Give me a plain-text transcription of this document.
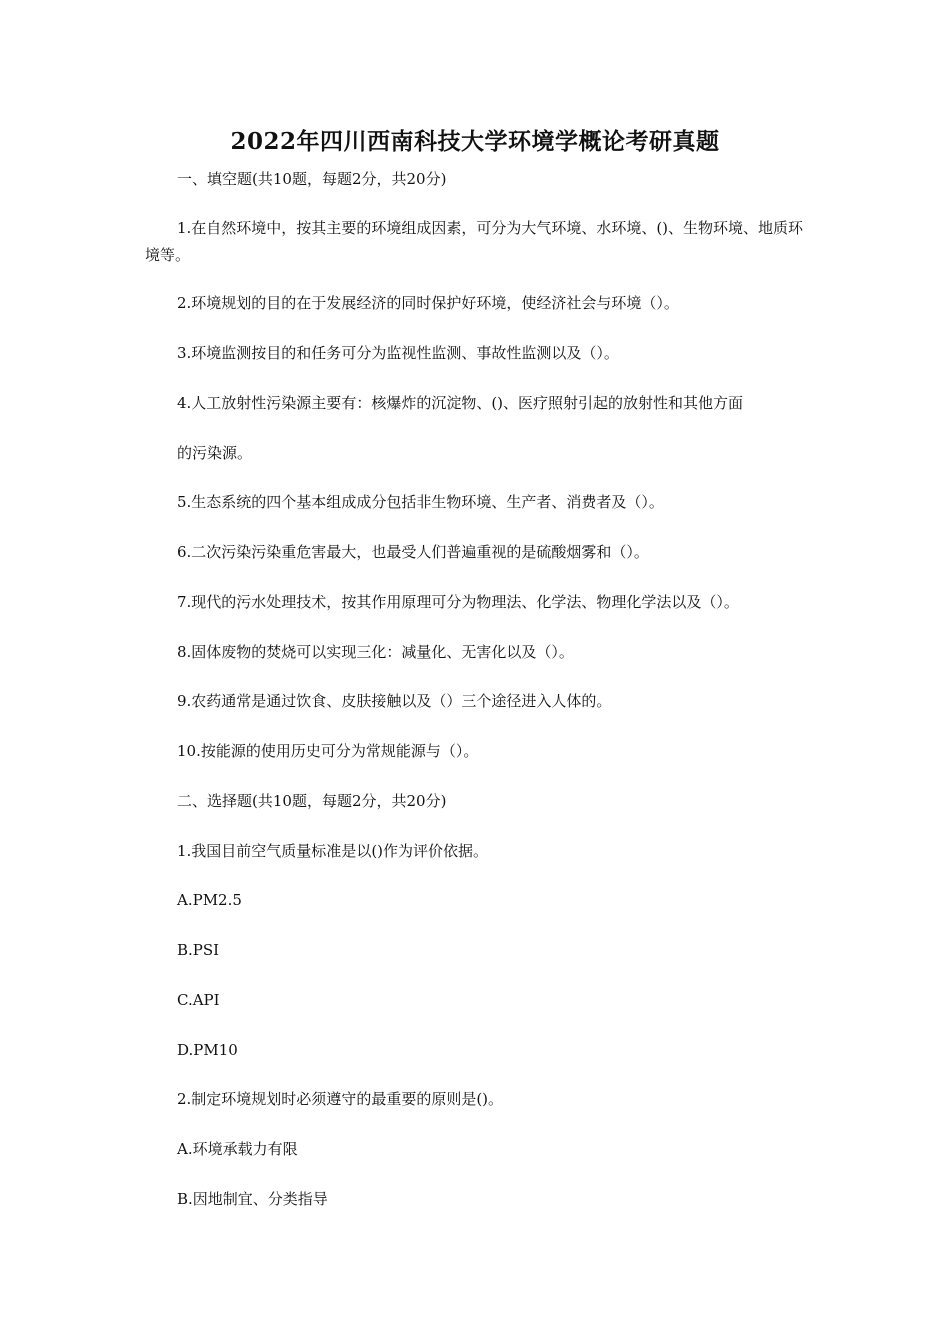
2022年四川西南科技大学环境学概论考研真题
一、填空题(共10题，每题2分，共20分)
1.在自然环境中，按其主要的环境组成因素，可分为大气环境、水环境、()、生物环境、地质环境等。
2.环境规划的目的在于发展经济的同时保护好环境，使经济社会与环境（）。
3.环境监测按目的和任务可分为监视性监测、事故性监测以及（）。
4.人工放射性污染源主要有：核爆炸的沉淀物、()、医疗照射引起的放射性和其他方面
的污染源。
5.生态系统的四个基本组成成分包括非生物环境、生产者、消费者及（）。
6.二次污染污染重危害最大，也最受人们普遍重视的是硫酸烟雾和（）。
7.现代的污水处理技术，按其作用原理可分为物理法、化学法、物理化学法以及（）。
8.固体废物的焚烧可以实现三化：减量化、无害化以及（）。
9.农药通常是通过饮食、皮肤接触以及（）三个途径进入人体的。
10.按能源的使用历史可分为常规能源与（）。
二、选择题(共10题，每题2分，共20分)
1.我国目前空气质量标准是以()作为评价依据。
A.PM2.5
B.PSI
C.API
D.PM10
2.制定环境规划时必须遵守的最重要的原则是()。
A.环境承载力有限
B.因地制宜、分类指导
